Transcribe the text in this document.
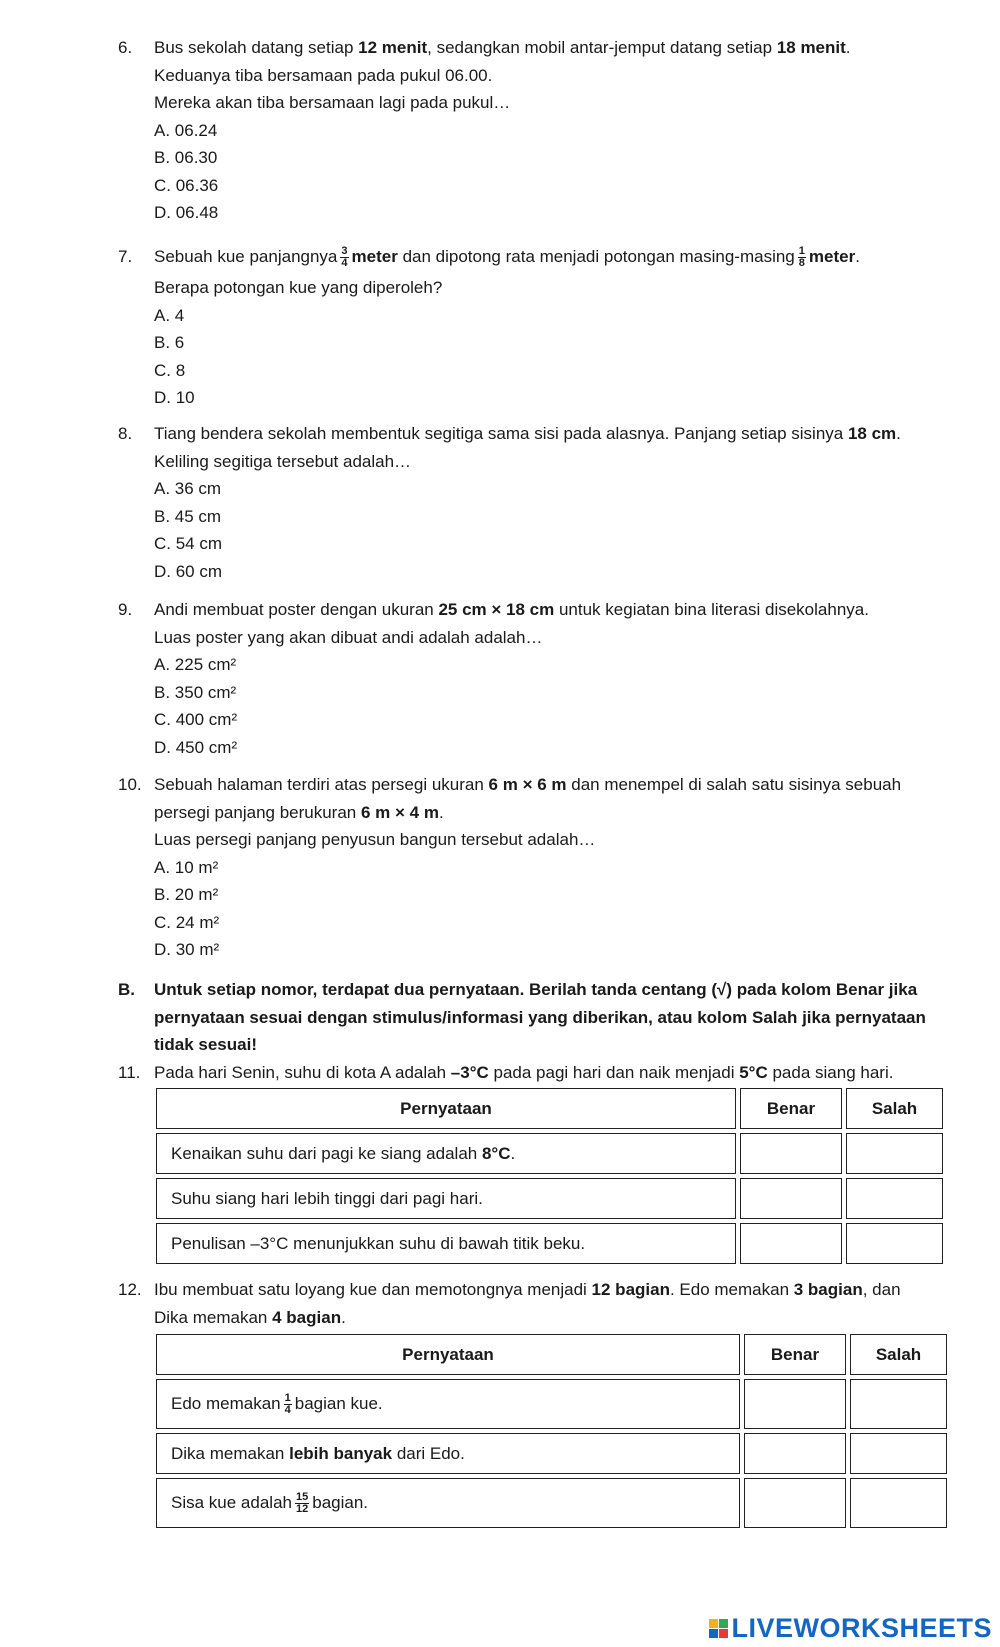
6. Bus sekolah datang setiap 12 menit, sedangkan mobil antar-jemput datang setiap 18 menit.
Keduanya tiba bersamaan pada pukul 06.00.
Mereka akan tiba bersamaan lagi pada pukul…
A. 06.24
B. 06.30
C. 06.36
D. 06.48
7. Sebuah kue panjangnya $\frac{3}{4}$ meter dan dipotong rata menjadi potongan $masing-masing \frac{1}{8}$ meter.
Berapa potongan kue yang diperoleh?
A. 4
B. 6
C. 8
D. 10
8. Tiang bendera sekolah membentuk segitiga sama sisi pada alasnya. Panjang setiap sisinya 18 cm.
Keliling segitiga tersebut adalah…
A. 36 cm
B. 45 cm
C. 54 cm
D. 60 cm
9. Andi membuat poster dengan ukuran 25 cm × 18 cm untuk kegiatan bina literasi disekolahnya.
Luas poster yang akan dibuat andi adalah adalah…
A. 225 cm²
B. 350 cm²
C. 400 cm²
D. 450 cm²
10. Sebuah halaman terdiri atas persegi ukuran 6 m × 6 m dan menempel di salah satu sisinya sebuah
persegi panjang berukuran 6 m × 4 m.
Luas persegi panjang penyusun bangun tersebut adalah…
A. 10 m²
B. 20 m²
C. 24 m²
D. 30 m²
B. Untuk setiap nomor, terdapat dua pernyataan. Berilah tanda centang (√) pada kolom Benar jika
pernyataan sesuai dengan stimulus/informasi yang diberikan, atau kolom Salah jika pernyataan
tidak sesuai!
11. Pada hari Senin, suhu di kota A adalah –3°C pada pagi hari dan naik menjadi 5°C pada siang hari.
Pernyataan	Benar	Salah
Kenaikan suhu dari pagi ke siang adalah 8°C.		
Suhu siang hari lebih tinggi dari pagi hari.		
Penulisan –3°C menunjukkan suhu di bawah titik beku.		
12. Ibu membuat satu loyang kue dan memotongnya menjadi 12 bagian. Edo memakan 3 bagian, dan
Dika memakan 4 bagian.
Pernyataan	Benar	Salah
Edo memakan $\frac{1}{4}$ bagian kue.		
Dika memakan lebih banyak dari Edo.		
Sisa kue adalah $\frac{15}{12}$ bagian.		
LIVEWORKSHEETS
